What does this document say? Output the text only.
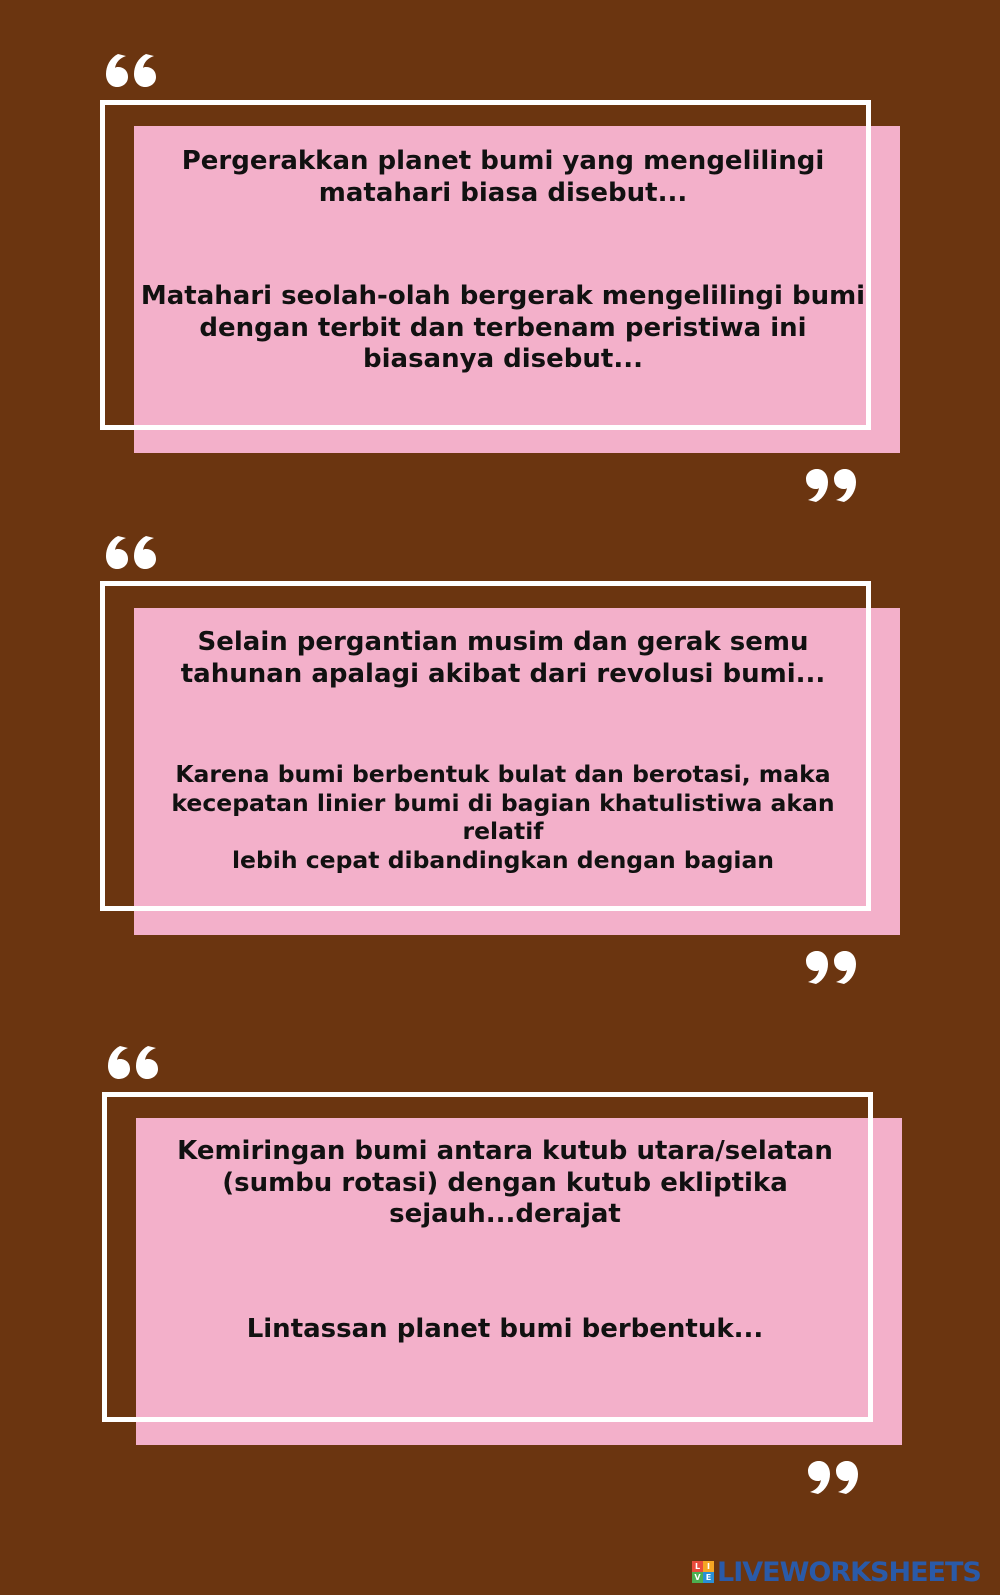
Pergerakkan planet bumi yang mengelilingi
matahari biasa disebut...
Matahari seolah-olah bergerak mengelilingi bumi
dengan terbit dan terbenam peristiwa ini
biasanya disebut...
Selain pergantian musim dan gerak semu
tahunan apalagi akibat dari revolusi bumi...
Karena bumi berbentuk bulat dan berotasi, maka
kecepatan linier bumi di bagian khatulistiwa akan relatif
lebih cepat dibandingkan dengan bagian
Kemiringan bumi antara kutub utara/selatan
(sumbu rotasi) dengan kutub ekliptika
sejauh...derajat
Lintassan planet bumi berbentuk...
L I
V E LIVEWORKSHEETS
